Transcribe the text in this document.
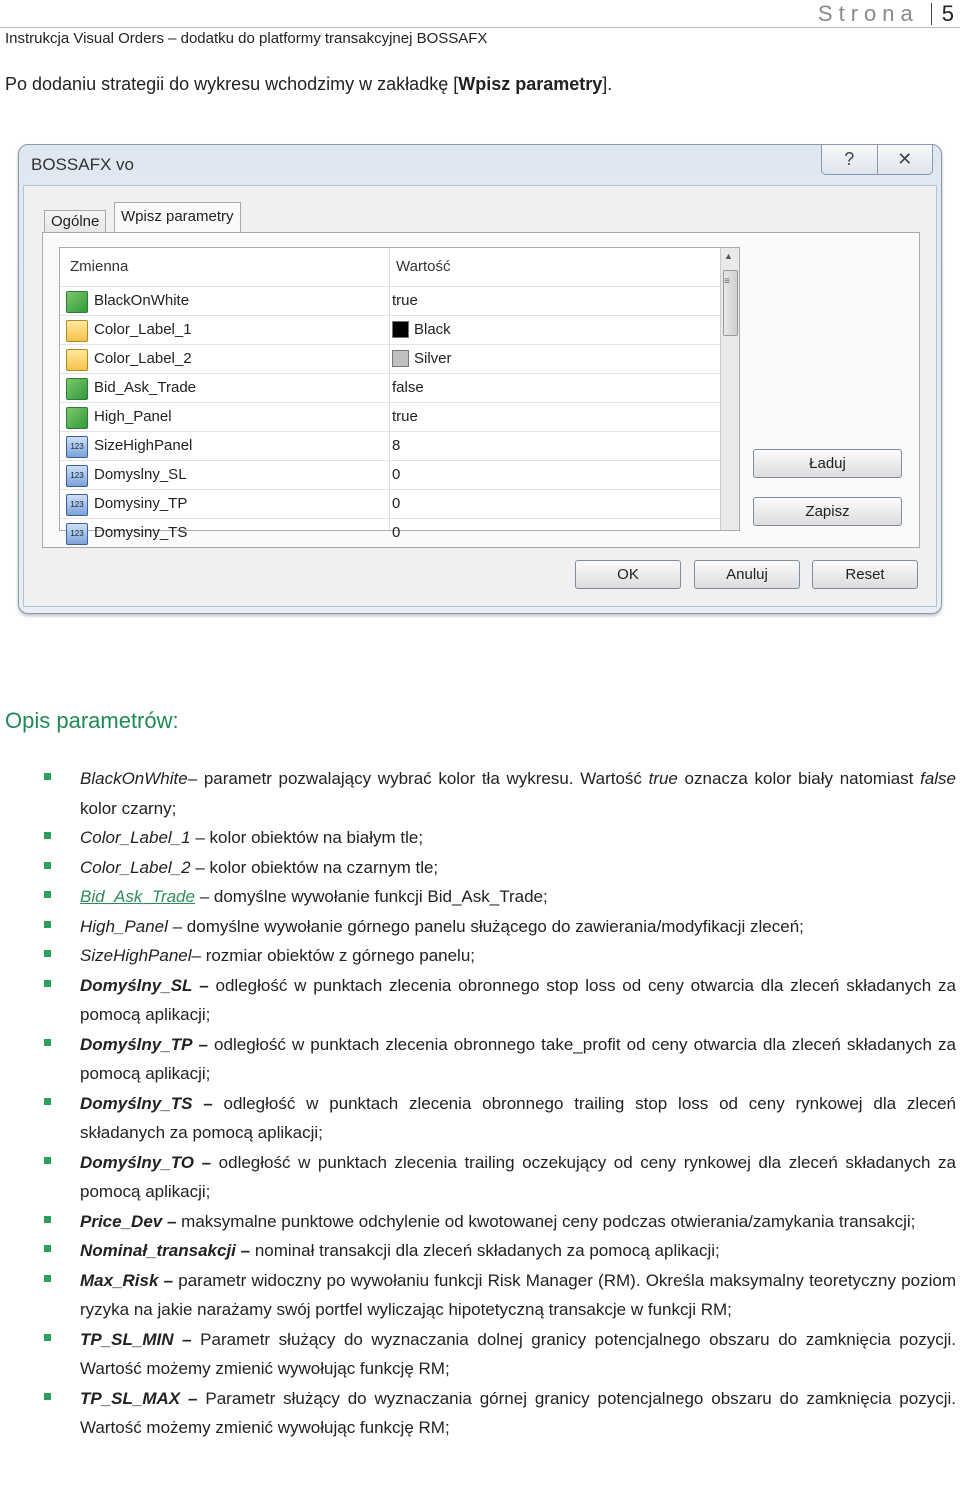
Strona 5
Instrukcja Visual Orders – dodatku do platformy transakcyjnej BOSSAFX
Po dodaniu strategii do wykresu wchodzimy w zakładkę [Wpisz parametry].
BOSSAFX vo	?	✕
Ogólne	Wpisz parametry
Zmienna	Wartość
BlackOnWhite	true
Color_Label_1	Black
Color_Label_2	Silver
Bid_Ask_Trade	false
High_Panel	true
123 SizeHighPanel	8
123 Domyslny_SL	0
123 Domysiny_TP	0
123 Domysiny_TS	0
▲
≡
Ładuj
Zapisz
OK	Anuluj	Reset
Opis parametrów:
BlackOnWhite– parametr pozwalający wybrać kolor tła wykresu. Wartość true oznacza kolor biały natomiast false kolor czarny;
Color_Label_1 – kolor obiektów na białym tle;
Color_Label_2 – kolor obiektów na czarnym tle;
Bid_Ask_Trade – domyślne wywołanie funkcji Bid_Ask_Trade;
High_Panel – domyślne wywołanie górnego panelu służącego do zawierania/modyfikacji zleceń;
SizeHighPanel– rozmiar obiektów z górnego panelu;
Domyślny_SL – odległość w punktach zlecenia obronnego stop loss od ceny otwarcia dla zleceń składanych za pomocą aplikacji;
Domyślny_TP – odległość w punktach zlecenia obronnego take_profit od ceny otwarcia dla zleceń składanych za pomocą aplikacji;
Domyślny_TS – odległość w punktach zlecenia obronnego trailing stop loss od ceny rynkowej dla zleceń składanych za pomocą aplikacji;
Domyślny_TO – odległość w punktach zlecenia trailing oczekujący od ceny rynkowej dla zleceń składanych za pomocą aplikacji;
Price_Dev – maksymalne punktowe odchylenie od kwotowanej ceny podczas otwierania/zamykania transakcji;
Nominał_transakcji – nominał transakcji dla zleceń składanych za pomocą aplikacji;
Max_Risk – parametr widoczny po wywołaniu funkcji Risk Manager (RM). Określa maksymalny teoretyczny poziom ryzyka na jakie narażamy swój portfel wyliczając hipotetyczną transakcje w funkcji RM;
TP_SL_MIN – Parametr służący do wyznaczania dolnej granicy potencjalnego obszaru do zamknięcia pozycji. Wartość możemy zmienić wywołując funkcję RM;
TP_SL_MAX – Parametr służący do wyznaczania górnej granicy potencjalnego obszaru do zamknięcia pozycji. Wartość możemy zmienić wywołując funkcję RM;
